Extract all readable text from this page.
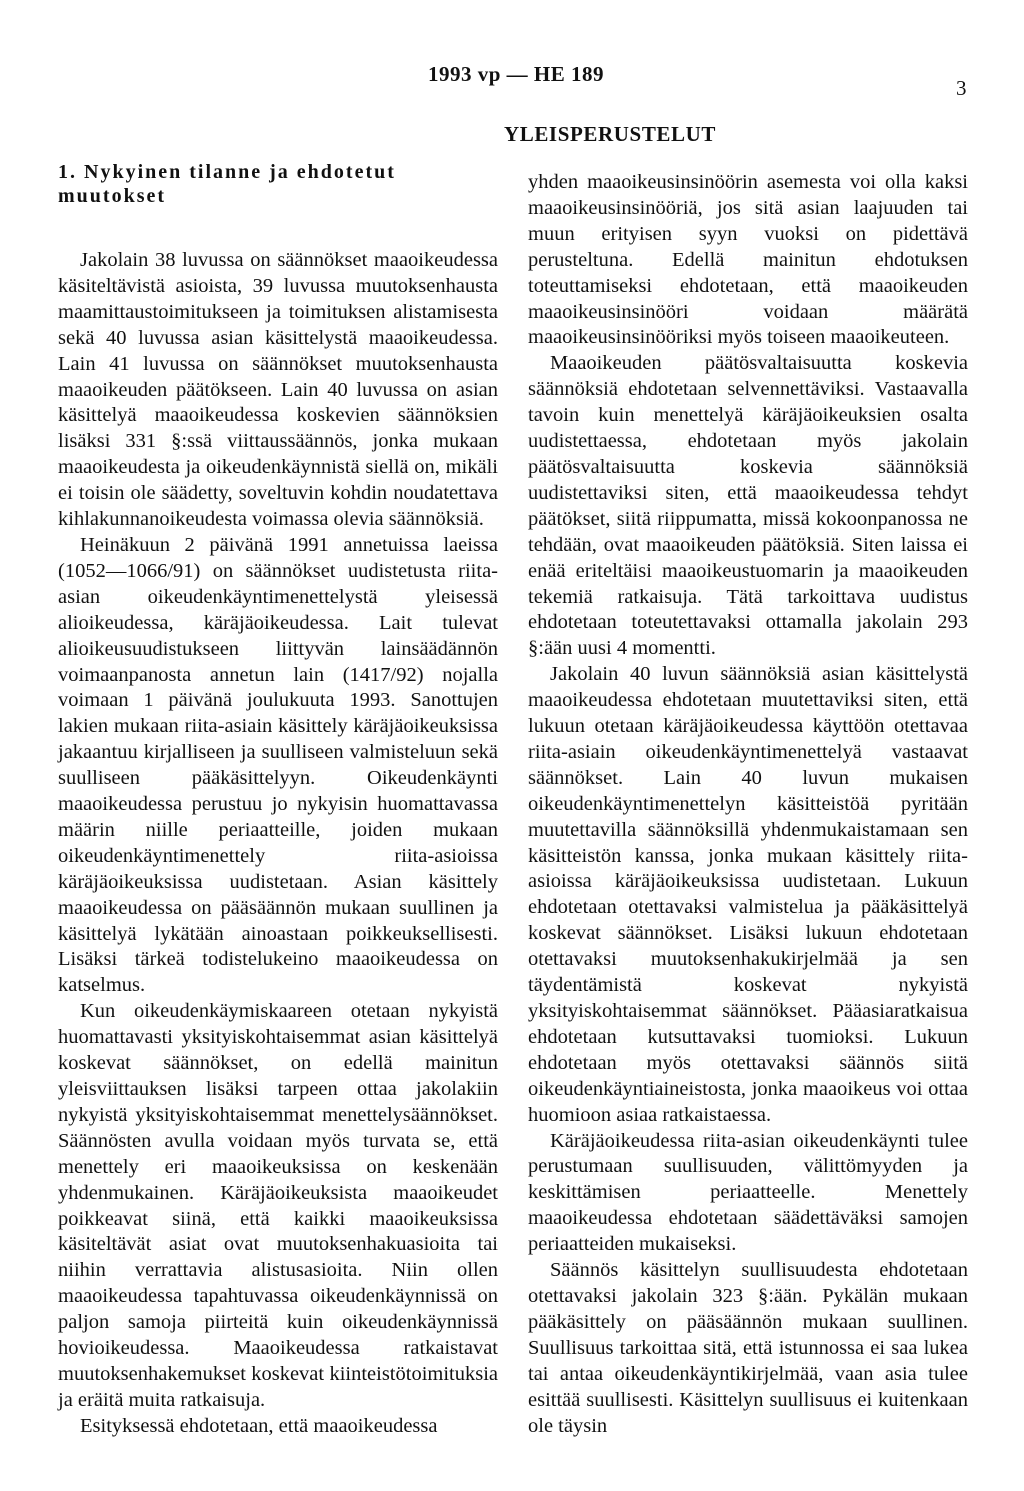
1993 vp — HE 189
3
YLEISPERUSTELUT

1. Nykyinen tilanne ja ehdotetut muutokset

Jakolain 38 luvussa on säännökset maaoikeudessa käsiteltävistä asioista, 39 luvussa muutoksenhausta maamittaustoimitukseen ja toimituksen alistamisesta sekä 40 luvussa asian käsittelystä maaoikeudessa. Lain 41 luvussa on säännökset muutoksenhausta maaoikeuden päätökseen. Lain 40 luvussa on asian käsittelyä maaoikeudessa koskevien säännöksien lisäksi 331 §:ssä viittaussäännös, jonka mukaan maaoikeudesta ja oikeudenkäynnistä siellä on, mikäli ei toisin ole säädetty, soveltuvin kohdin noudatettava kihlakunnanoikeudesta voimassa olevia säännöksiä.

Heinäkuun 2 päivänä 1991 annetuissa laeissa (1052—1066/91) on säännökset uudistetusta riita-asian oikeudenkäyntimenettelystä yleisessä alioikeudessa, käräjäoikeudessa. Lait tulevat alioikeusuudistukseen liittyvän lainsäädännön voimaanpanosta annetun lain (1417/92) nojalla voimaan 1 päivänä joulukuuta 1993. Sanottujen lakien mukaan riita-asiain käsittely käräjäoikeuksissa jakaantuu kirjalliseen ja suulliseen valmisteluun sekä suulliseen pääkäsittelyyn. Oikeudenkäynti maaoikeudessa perustuu jo nykyisin huomattavassa määrin niille periaatteille, joiden mukaan oikeudenkäyntimenettely riita-asioissa käräjäoikeuksissa uudistetaan. Asian käsittely maaoikeudessa on pääsäännön mukaan suullinen ja käsittelyä lykätään ainoastaan poikkeuksellisesti. Lisäksi tärkeä todistelukeino maaoikeudessa on katselmus.

Kun oikeudenkäymiskaareen otetaan nykyistä huomattavasti yksityiskohtaisemmat asian käsittelyä koskevat säännökset, on edellä mainitun yleisviittauksen lisäksi tarpeen ottaa jakolakiin nykyistä yksityiskohtaisemmat menettelysäännökset. Säännösten avulla voidaan myös turvata se, että menettely eri maaoikeuksissa on keskenään yhdenmukainen. Käräjäoikeuksista maaoikeudet poikkeavat siinä, että kaikki maaoikeuksissa käsiteltävät asiat ovat muutoksenhakuasioita tai niihin verrattavia alistusasioita. Niin ollen maaoikeudessa tapahtuvassa oikeudenkäynnissä on paljon samoja piirteitä kuin oikeudenkäynnissä hovioikeudessa. Maaoikeudessa ratkaistavat muutoksenhakemukset koskevat kiinteistötoimituksia ja eräitä muita ratkaisuja.

Esityksessä ehdotetaan, että maaoikeudessa

yhden maaoikeusinsinöörin asemesta voi olla kaksi maaoikeusinsinööriä, jos sitä asian laajuuden tai muun erityisen syyn vuoksi on pidettävä perusteltuna. Edellä mainitun ehdotuksen toteuttamiseksi ehdotetaan, että maaoikeuden maaoikeusinsinööri voidaan määrätä maaoikeusinsinööriksi myös toiseen maaoikeuteen.

Maaoikeuden päätösvaltaisuutta koskevia säännöksiä ehdotetaan selvennettäviksi. Vastaavalla tavoin kuin menettelyä käräjäoikeuksien osalta uudistettaessa, ehdotetaan myös jakolain päätösvaltaisuutta koskevia säännöksiä uudistettaviksi siten, että maaoikeudessa tehdyt päätökset, siitä riippumatta, missä kokoonpanossa ne tehdään, ovat maaoikeuden päätöksiä. Siten laissa ei enää eriteltäisi maaoikeustuomarin ja maaoikeuden tekemiä ratkaisuja. Tätä tarkoittava uudistus ehdotetaan toteutettavaksi ottamalla jakolain 293 §:ään uusi 4 momentti.

Jakolain 40 luvun säännöksiä asian käsittelystä maaoikeudessa ehdotetaan muutettaviksi siten, että lukuun otetaan käräjäoikeudessa käyttöön otettavaa riita-asiain oikeudenkäyntimenettelyä vastaavat säännökset. Lain 40 luvun mukaisen oikeudenkäyntimenettelyn käsitteistöä pyritään muutettavilla säännöksillä yhdenmukaistamaan sen käsitteistön kanssa, jonka mukaan käsittely riita-asioissa käräjäoikeuksissa uudistetaan. Lukuun ehdotetaan otettavaksi valmistelua ja pääkäsittelyä koskevat säännökset. Lisäksi lukuun ehdotetaan otettavaksi muutoksenhakukirjelmää ja sen täydentämistä koskevat nykyistä yksityiskohtaisemmat säännökset. Pääasiaratkaisua ehdotetaan kutsuttavaksi tuomioksi. Lukuun ehdotetaan myös otettavaksi säännös siitä oikeudenkäyntiaineistosta, jonka maaoikeus voi ottaa huomioon asiaa ratkaistaessa.

Käräjäoikeudessa riita-asian oikeudenkäynti tulee perustumaan suullisuuden, välittömyyden ja keskittämisen periaatteelle. Menettely maaoikeudessa ehdotetaan säädettäväksi samojen periaatteiden mukaiseksi.

Säännös käsittelyn suullisuudesta ehdotetaan otettavaksi jakolain 323 §:ään. Pykälän mukaan pääkäsittely on pääsäännön mukaan suullinen. Suullisuus tarkoittaa sitä, että istunnossa ei saa lukea tai antaa oikeudenkäyntikirjelmää, vaan asia tulee esittää suullisesti. Käsittelyn suullisuus ei kuitenkaan ole täysin
